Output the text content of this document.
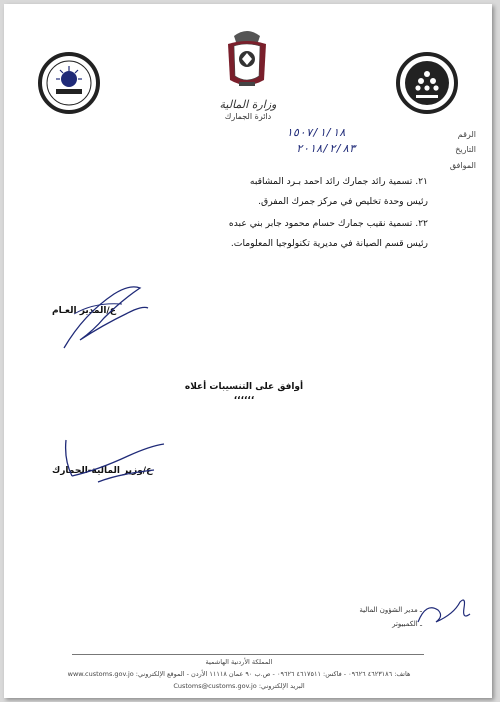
وزارة المالية
دائرة الجمارك
الرقم
١٥٠٧/١/١٨
التاريخ
٢٠١٨/٢/٨٣
الموافق
٢١. تسمية رائد جمارك رائد احمد بـرد المشاقبه
رئيس وحدة تخليص في مركز جمرك المفرق.
٢٢. تسمية نقيب جمارك حسام محمود جابر بني عبده
رئيس قسم الصيانة في مديرية تكنولوجيا المعلومات.
ع/المدير العـام
أوافق على التنسيبات أعلاه ،،،،،،
ع/وزير المالية-الجمارك
ـ مدير الشؤون المالية
ـ الكمبيوتر
المملكة الأردنية الهاشمية
هاتف: ٤٦٢٣١٨٦ ٠٩٦٢٦ - فاكس: ٤٦١٧٥١١ ٠٩٦٢٦ - ص.ب ٩٠ عمان ١١١١٨ الأردن - الموقع الإلكتروني: www.customs.gov.jo
البريد الإلكتروني: Customs@customs.gov.jo
